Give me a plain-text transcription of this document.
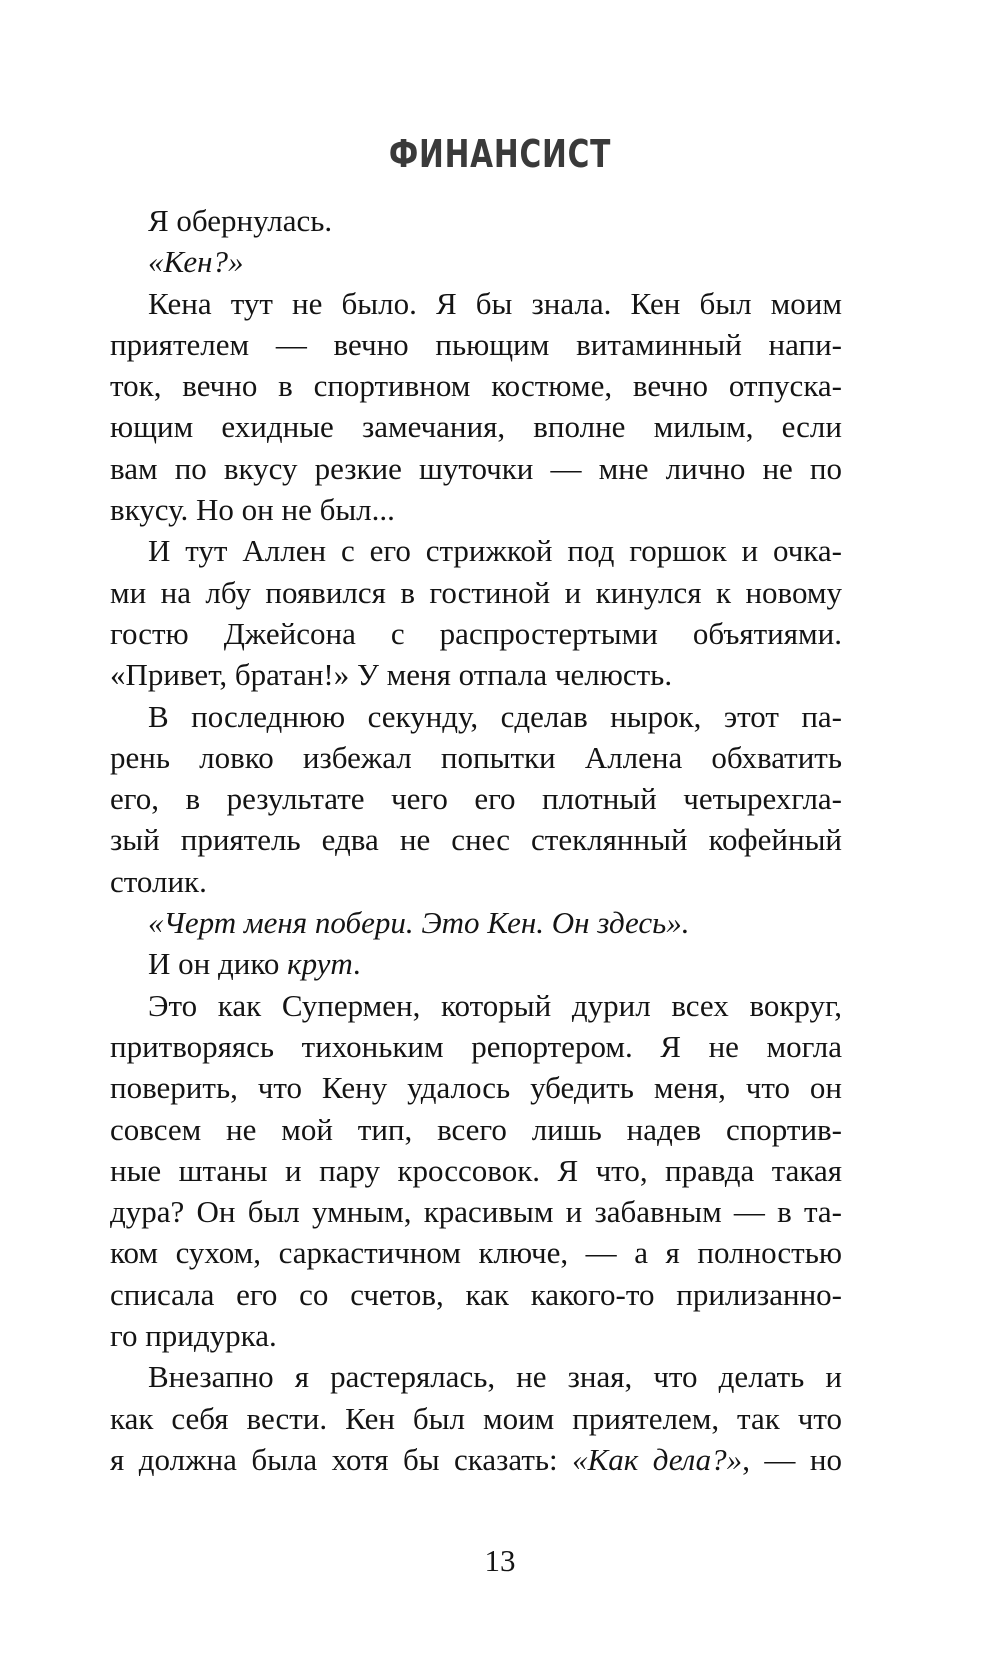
ФИНАНСИСТ
Я обернулась.
«Кен?»
Кена тут не было. Я бы знала. Кен был моим
приятелем — вечно пьющим витаминный напи-
ток, вечно в спортивном костюме, вечно отпуска-
ющим ехидные замечания, вполне милым, если
вам по вкусу резкие шуточки — мне лично не по
вкусу. Но он не был...
И тут Аллен с его стрижкой под горшок и очка-
ми на лбу появился в гостиной и кинулся к новому
гостю Джейсона с распростертыми объятиями.
«Привет, братан!» У меня отпала челюсть.
В последнюю секунду, сделав нырок, этот па-
рень ловко избежал попытки Аллена обхватить
его, в результате чего его плотный четырехгла-
зый приятель едва не снес стеклянный кофейный
столик.
«Черт меня побери. Это Кен. Он здесь».
И он дико крут.
Это как Супермен, который дурил всех вокруг,
притворяясь тихоньким репортером. Я не могла
поверить, что Кену удалось убедить меня, что он
совсем не мой тип, всего лишь надев спортив-
ные штаны и пару кроссовок. Я что, правда такая
дура? Он был умным, красивым и забавным — в та-
ком сухом, саркастичном ключе, — а я полностью
списала его со счетов, как какого-то прилизанно-
го придурка.
Внезапно я растерялась, не зная, что делать и
как себя вести. Кен был моим приятелем, так что
я должна была хотя бы сказать: «Как дела?», — но
13
